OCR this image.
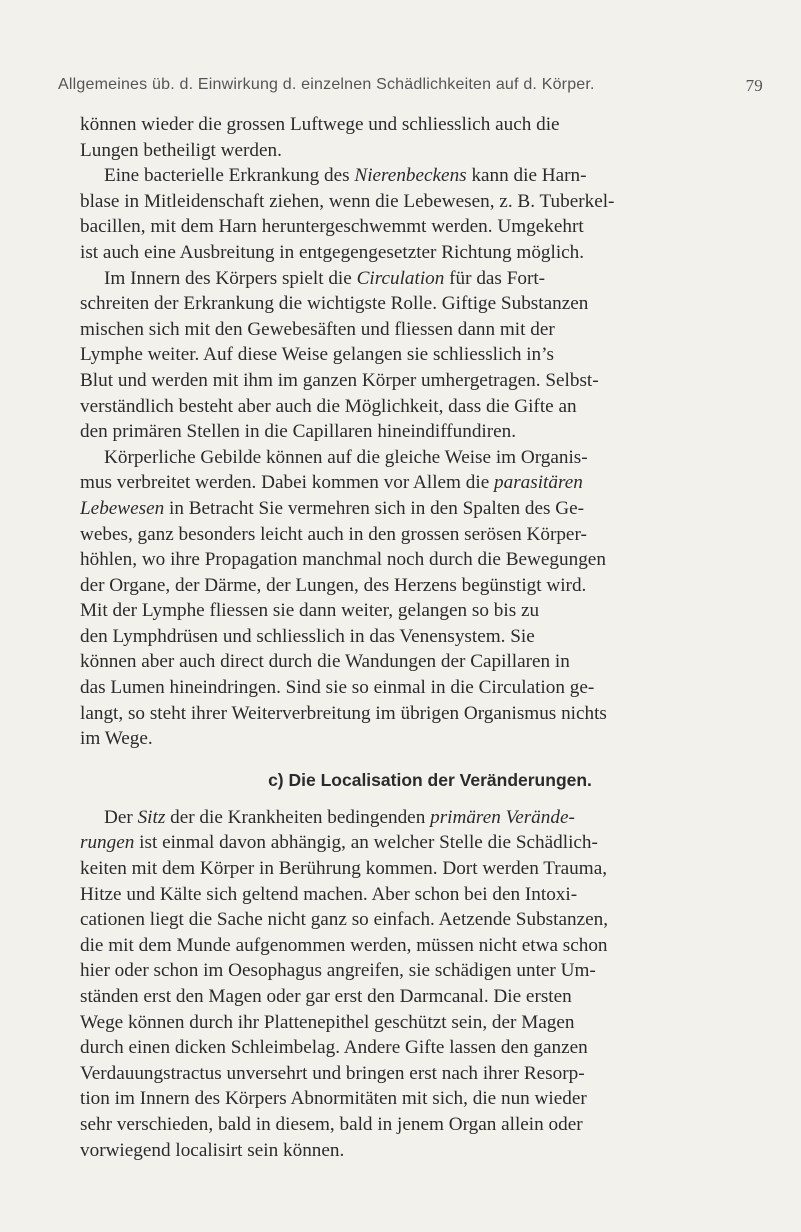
Allgemeines üb. d. Einwirkung d. einzelnen Schädlichkeiten auf d. Körper.	79
können wieder die grossen Luftwege und schliesslich auch die
Lungen betheiligt werden.
Eine bacterielle Erkrankung des Nierenbeckens kann die Harn-
blase in Mitleidenschaft ziehen, wenn die Lebewesen, z. B. Tuberkel-
bacillen, mit dem Harn heruntergeschwemmt werden. Umgekehrt
ist auch eine Ausbreitung in entgegengesetzter Richtung möglich.
Im Innern des Körpers spielt die Circulation für das Fort-
schreiten der Erkrankung die wichtigste Rolle. Giftige Substanzen
mischen sich mit den Gewebesäften und fliessen dann mit der
Lymphe weiter. Auf diese Weise gelangen sie schliesslich in’s
Blut und werden mit ihm im ganzen Körper umhergetragen. Selbst-
verständlich besteht aber auch die Möglichkeit, dass die Gifte an
den primären Stellen in die Capillaren hineindiffundiren.
Körperliche Gebilde können auf die gleiche Weise im Organis-
mus verbreitet werden. Dabei kommen vor Allem die parasitären
Lebewesen in Betracht Sie vermehren sich in den Spalten des Ge-
webes, ganz besonders leicht auch in den grossen serösen Körper-
höhlen, wo ihre Propagation manchmal noch durch die Bewegungen
der Organe, der Därme, der Lungen, des Herzens begünstigt wird.
Mit der Lymphe fliessen sie dann weiter, gelangen so bis zu
den Lymphdrüsen und schliesslich in das Venensystem. Sie
können aber auch direct durch die Wandungen der Capillaren in
das Lumen hineindringen. Sind sie so einmal in die Circulation ge-
langt, so steht ihrer Weiterverbreitung im übrigen Organismus nichts
im Wege.
c) Die Localisation der Veränderungen.
Der Sitz der die Krankheiten bedingenden primären Verände-
rungen ist einmal davon abhängig, an welcher Stelle die Schädlich-
keiten mit dem Körper in Berührung kommen. Dort werden Trauma,
Hitze und Kälte sich geltend machen. Aber schon bei den Intoxi-
cationen liegt die Sache nicht ganz so einfach. Aetzende Substanzen,
die mit dem Munde aufgenommen werden, müssen nicht etwa schon
hier oder schon im Oesophagus angreifen, sie schädigen unter Um-
ständen erst den Magen oder gar erst den Darmcanal. Die ersten
Wege können durch ihr Plattenepithel geschützt sein, der Magen
durch einen dicken Schleimbelag. Andere Gifte lassen den ganzen
Verdauungstractus unversehrt und bringen erst nach ihrer Resorp-
tion im Innern des Körpers Abnormitäten mit sich, die nun wieder
sehr verschieden, bald in diesem, bald in jenem Organ allein oder
vorwiegend localisirt sein können.
